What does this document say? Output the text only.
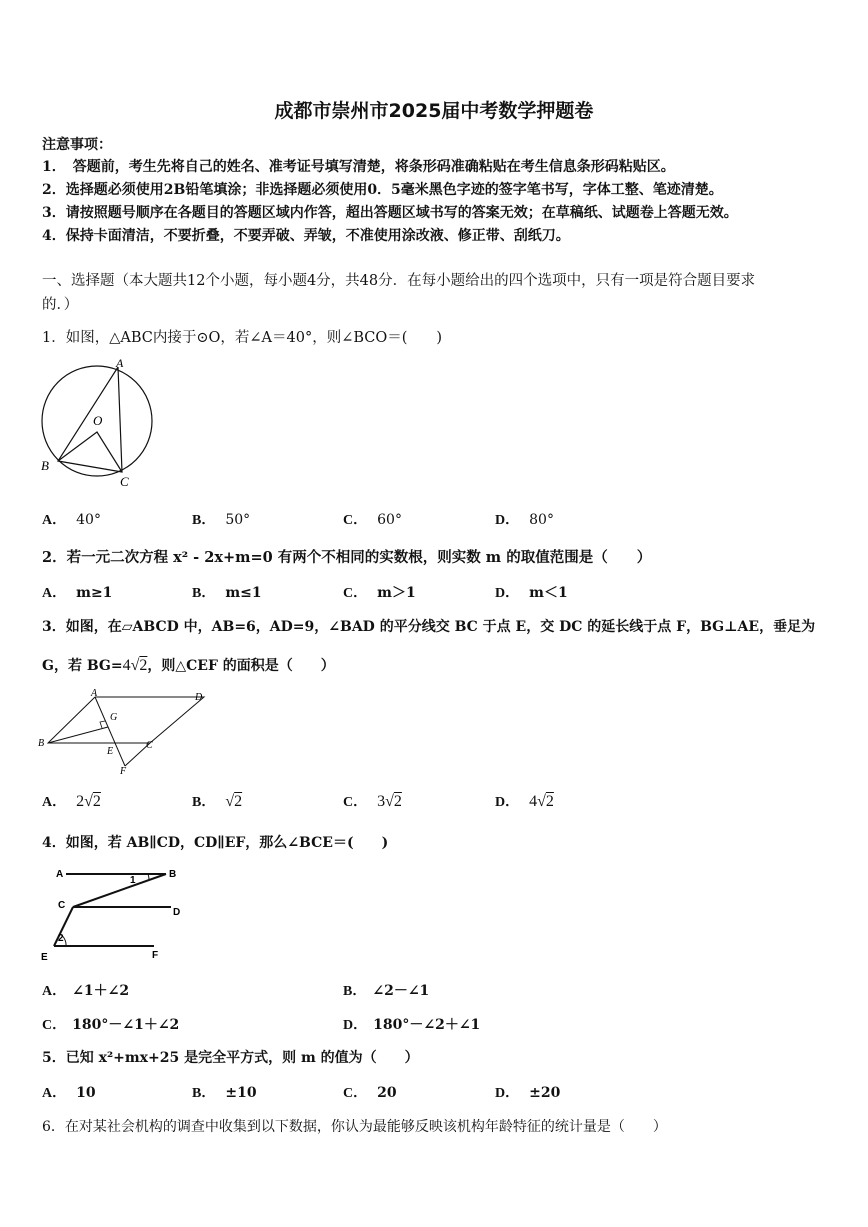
成都市崇州市2025届中考数学押题卷
注意事项：
1．　答题前，考生先将自己的姓名、准考证号填写清楚，将条形码准确粘贴在考生信息条形码粘贴区。
2．选择题必须使用2B铅笔填涂；非选择题必须使用0．5毫米黑色字迹的签字笔书写，字体工整、笔迹清楚。
3．请按照题号顺序在各题目的答题区域内作答，超出答题区域书写的答案无效；在草稿纸、试题卷上答题无效。
4．保持卡面清洁，不要折叠，不要弄破、弄皱，不准使用涂改液、修正带、刮纸刀。
一、选择题（本大题共12个小题，每小题4分，共48分．在每小题给出的四个选项中，只有一项是符合题目要求
的．）
1．如图，△ABC内接于⊙O，若∠A＝40°，则∠BCO＝(　　)
A
O
B
C
A． 40°	B． 50°	C． 60°	D． 80°
2．若一元二次方程 x² - 2x+m=0 有两个不相同的实数根，则实数 m 的取值范围是（　　）
A． m≥1	B． m≤1	C． m＞1	D． m＜1
3．如图，在▱ABCD 中，AB=6，AD=9，∠BAD 的平分线交 BC 于点 E，交 DC 的延长线于点 F，BG⊥AE，垂足为
G，若 BG=4√2，则△CEF 的面积是（　　）
A	D
G
B
E
C
F
A． 2√2	B． √2	C． 3√2	D． 4√2
4．如图，若 AB∥CD，CD∥EF，那么∠BCE＝(　　)
A	B
1
C
D
2
E	F
A． ∠1＋∠2	B． ∠2－∠1
C． 180°－∠1＋∠2	D． 180°－∠2＋∠1
5．已知 x²+mx+25 是完全平方式，则 m 的值为（　　）
A． 10	B． ±10	C． 20	D． ±20
6．在对某社会机构的调查中收集到以下数据，你认为最能够反映该机构年龄特征的统计量是（　　）
